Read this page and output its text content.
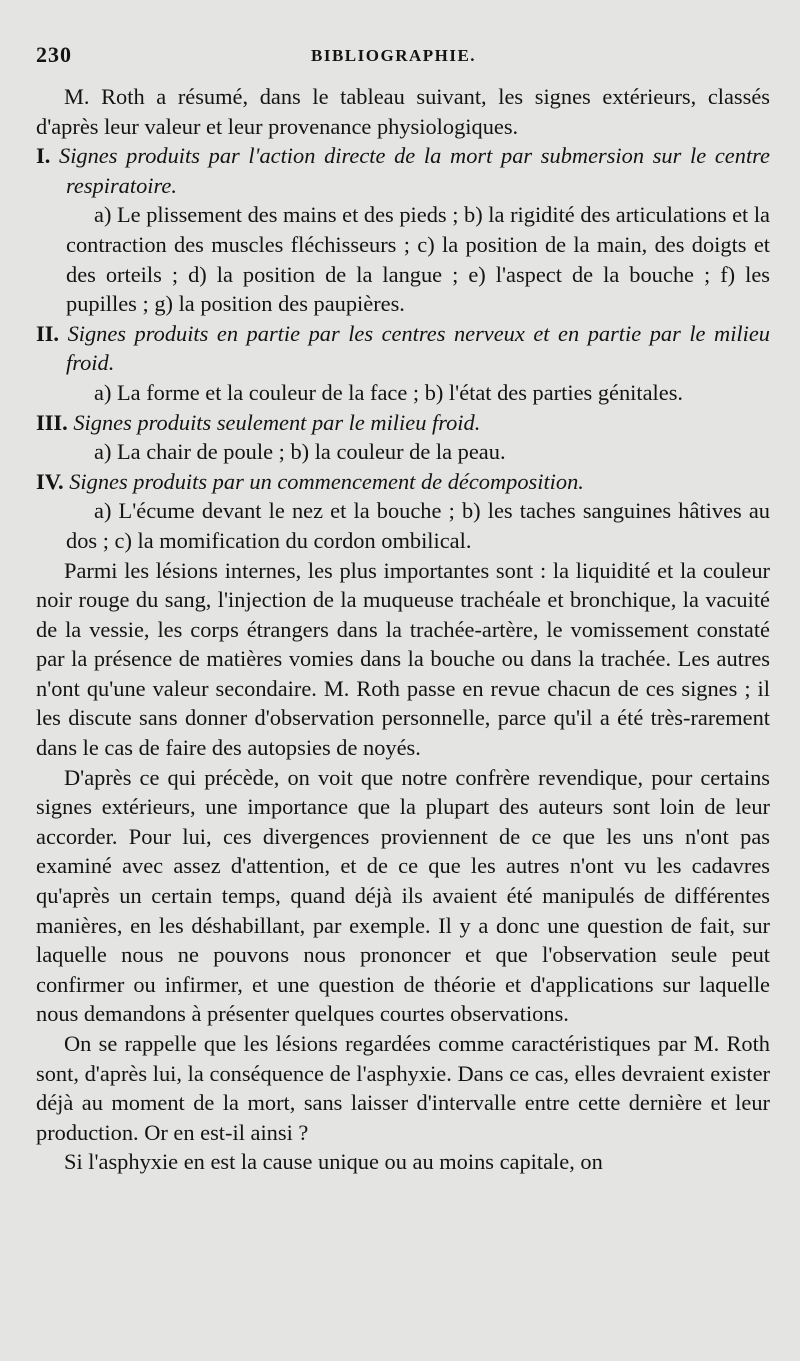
230	BIBLIOGRAPHIE.

M. Roth a résumé, dans le tableau suivant, les signes extérieurs, classés d'après leur valeur et leur provenance physiologiques.

I. Signes produits par l'action directe de la mort par submersion sur le centre respiratoire.

a) Le plissement des mains et des pieds ; b) la rigidité des articulations et la contraction des muscles fléchisseurs ; c) la position de la main, des doigts et des orteils ; d) la position de la langue ; e) l'aspect de la bouche ; f) les pupilles ; g) la position des paupières.

II. Signes produits en partie par les centres nerveux et en partie par le milieu froid.

a) La forme et la couleur de la face ; b) l'état des parties génitales.

III. Signes produits seulement par le milieu froid.

a) La chair de poule ; b) la couleur de la peau.

IV. Signes produits par un commencement de décomposition.

a) L'écume devant le nez et la bouche ; b) les taches sanguines hâtives au dos ; c) la momification du cordon ombilical.

Parmi les lésions internes, les plus importantes sont : la liquidité et la couleur noir rouge du sang, l'injection de la muqueuse trachéale et bronchique, la vacuité de la vessie, les corps étrangers dans la trachée-artère, le vomissement constaté par la présence de matières vomies dans la bouche ou dans la trachée. Les autres n'ont qu'une valeur secondaire. M. Roth passe en revue chacun de ces signes ; il les discute sans donner d'observation personnelle, parce qu'il a été très-rarement dans le cas de faire des autopsies de noyés.

D'après ce qui précède, on voit que notre confrère revendique, pour certains signes extérieurs, une importance que la plupart des auteurs sont loin de leur accorder. Pour lui, ces divergences proviennent de ce que les uns n'ont pas examiné avec assez d'attention, et de ce que les autres n'ont vu les cadavres qu'après un certain temps, quand déjà ils avaient été manipulés de différentes manières, en les déshabillant, par exemple. Il y a donc une question de fait, sur laquelle nous ne pouvons nous prononcer et que l'observation seule peut confirmer ou infirmer, et une question de théorie et d'applications sur laquelle nous demandons à présenter quelques courtes observations.

On se rappelle que les lésions regardées comme caractéristiques par M. Roth sont, d'après lui, la conséquence de l'asphyxie. Dans ce cas, elles devraient exister déjà au moment de la mort, sans laisser d'intervalle entre cette dernière et leur production. Or en est-il ainsi ?

Si l'asphyxie en est la cause unique ou au moins capitale, on
